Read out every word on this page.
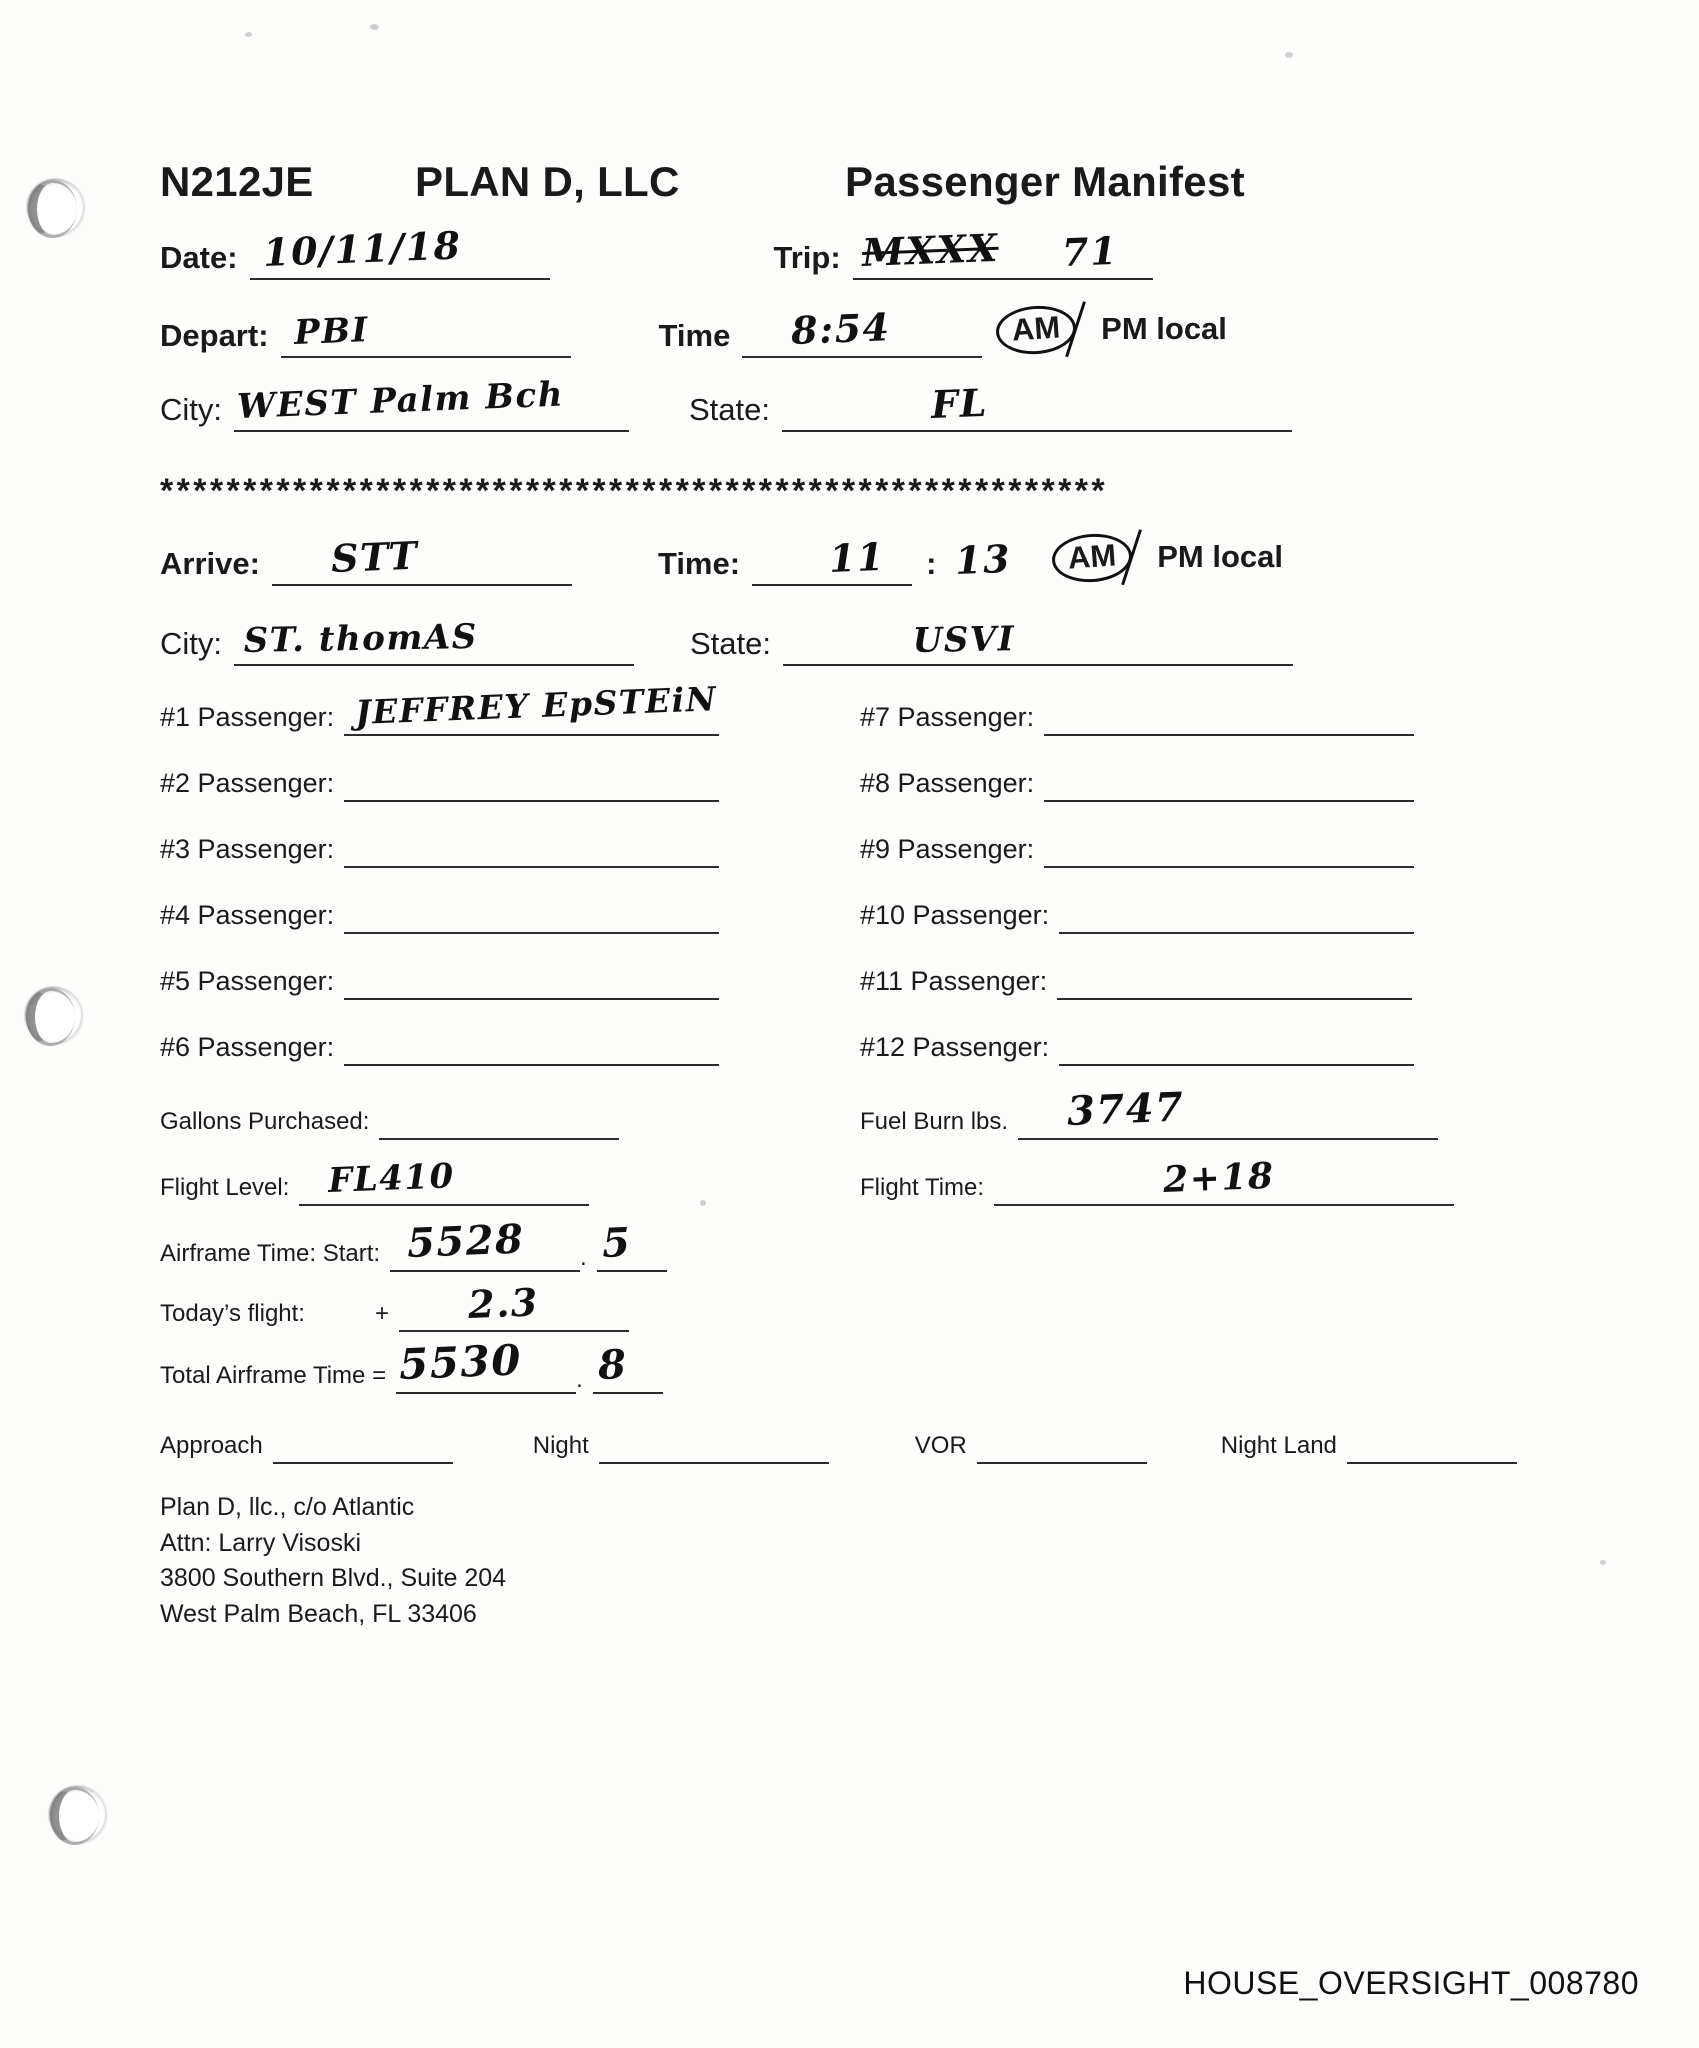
N212JE	PLAN D, LLC	Passenger Manifest
Date: 10/11/18	Trip: MXXX 71
Depart: PBI	Time 8:54	AM PM local
City: WEST Palm Bch	State:	FL
*********************************************************
Arrive: STT	Time: 11 : 13	AM PM local
City: ST. thomAS	State:	USVI
#1 Passenger: JEFFREY EpSTEiN	#7 Passenger:
#2 Passenger:	#8 Passenger:
#3 Passenger:	#9 Passenger:
#4 Passenger:	#10 Passenger:
#5 Passenger:	#11 Passenger:
#6 Passenger:	#12 Passenger:
Gallons Purchased:	Fuel Burn lbs. 3747
Flight Level: FL410	Flight Time:	2+18
Airframe Time: Start: 5528 . 5
Today’s flight:	+ 2.3
Total Airframe Time = 5530 . 8
Approach	Night	VOR	Night Land
Plan D, llc., c/o Atlantic
Attn: Larry Visoski
3800 Southern Blvd., Suite 204
West Palm Beach, FL 33406
HOUSE_OVERSIGHT_008780
